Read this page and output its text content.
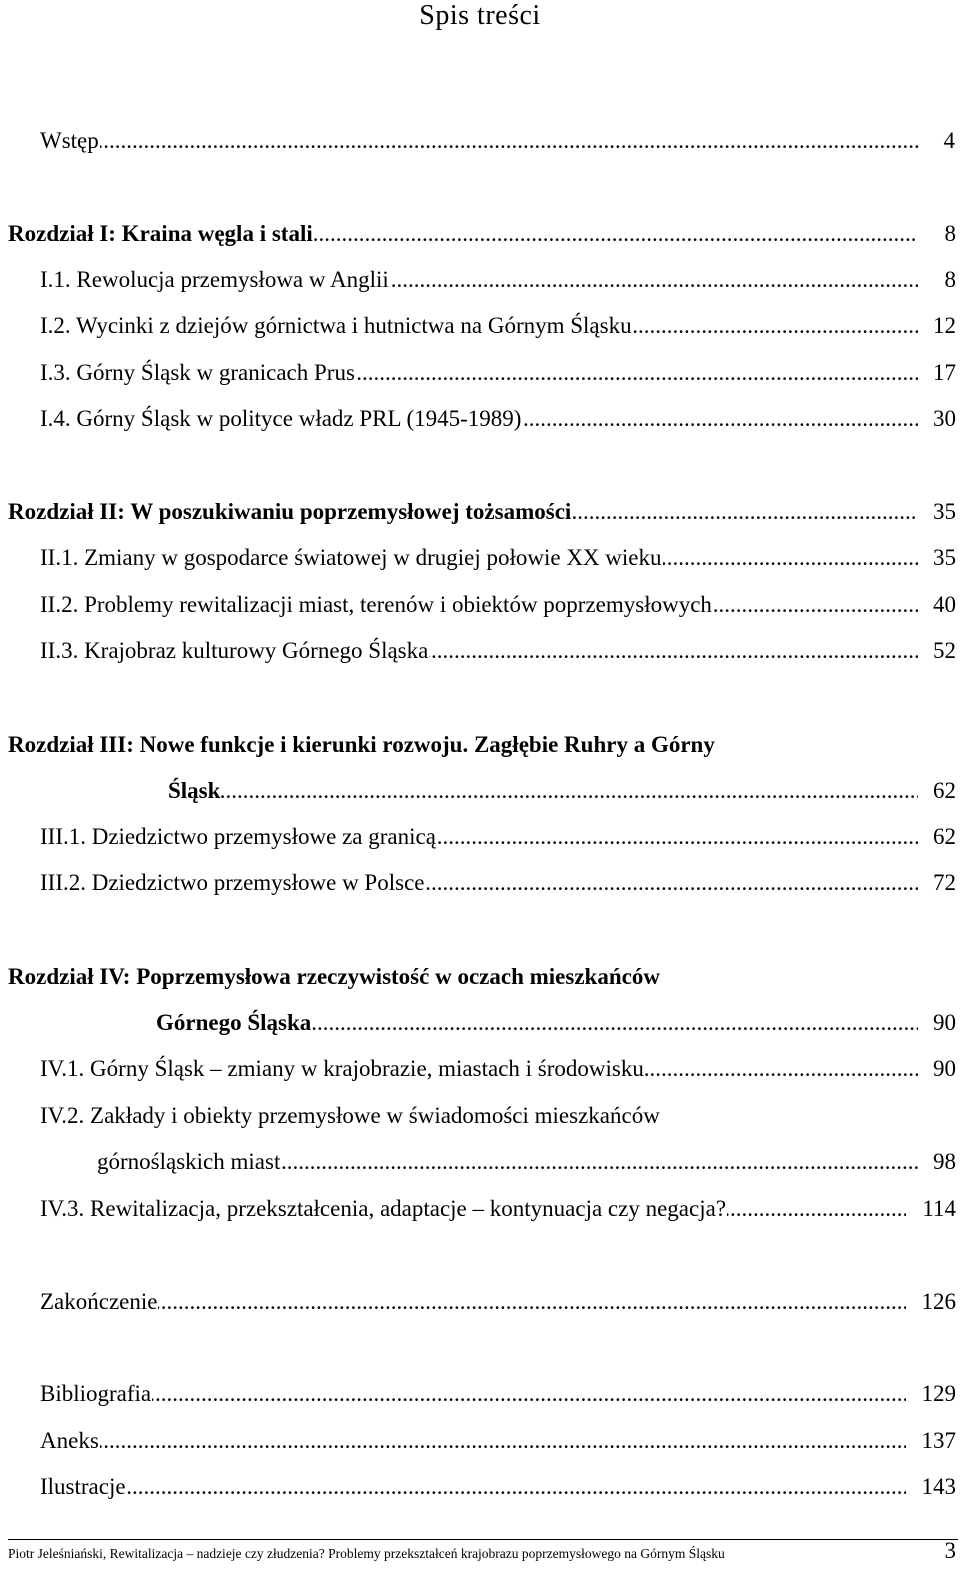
Spis treści
.....
Wstęp	4
.....
Rozdział I: Kraina węgla i stali	8
.....
I.1. Rewolucja przemysłowa w Anglii	8
.....
I.2. Wycinki z dziejów górnictwa i hutnictwa na Górnym Śląsku	12
.....
I.3. Górny Śląsk w granicach Prus	17
.....
I.4. Górny Śląsk w polityce władz PRL (1945-1989)	30
.....
Rozdział II: W poszukiwaniu poprzemysłowej tożsamości	35
.....
II.1. Zmiany w gospodarce światowej w drugiej połowie XX wieku	35
.....
II.2. Problemy rewitalizacji miast, terenów i obiektów poprzemysłowych	40
.....
II.3. Krajobraz kulturowy Górnego Śląska	52
Rozdział III: Nowe funkcje i kierunki rozwoju. Zagłębie Ruhry a Górny
.....
Śląsk	62
.....
III.1. Dziedzictwo przemysłowe za granicą	62
.....
III.2. Dziedzictwo przemysłowe w Polsce	72
Rozdział IV: Poprzemysłowa rzeczywistość w oczach mieszkańców
.....
Górnego Śląska	90
.....
IV.1. Górny Śląsk – zmiany w krajobrazie, miastach i środowisku	90
IV.2. Zakłady i obiekty przemysłowe w świadomości mieszkańców
.....
górnośląskich miast	98
.....
IV.3. Rewitalizacja, przekształcenia, adaptacje – kontynuacja czy negacja?	114
.....
Zakończenie	126
.....
Bibliografia	129
.....
Aneks	137
.....
Ilustracje	143
Piotr Jeleśniański, Rewitalizacja – nadzieje czy złudzenia? Problemy przekształceń krajobrazu poprzemysłowego na Górnym Śląsku	3
